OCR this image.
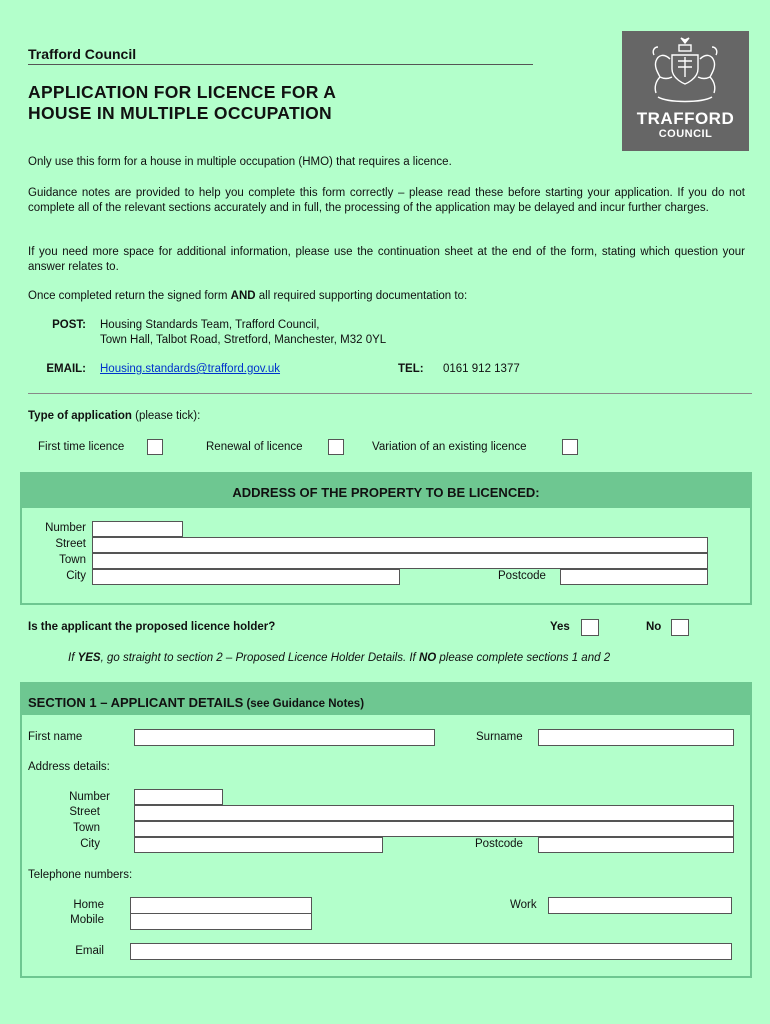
Trafford Council
APPLICATION FOR LICENCE FOR A
HOUSE IN MULTIPLE OCCUPATION	TRAFFORD
COUNCIL
Only use this form for a house in multiple occupation (HMO) that requires a licence.
Guidance notes are provided to help you complete this form correctly – please read these before starting your application. If you do not complete all of the relevant sections accurately and in full, the processing of the application may be delayed and incur further charges.
If you need more space for additional information, please use the continuation sheet at the end of the form, stating which question your answer relates to.
Once completed return the signed form AND all required supporting documentation to:
POST: Housing Standards Team, Trafford Council,
Town Hall, Talbot Road, Stretford, Manchester, M32 0YL
EMAIL: Housing.standards@trafford.gov.uk	TEL: 0161 912 1377
Type of application (please tick):
First time licence	Renewal of licence	Variation of an existing licence
ADDRESS OF THE PROPERTY TO BE LICENCED:
Number
Street
Town
City	Postcode
Is the applicant the proposed licence holder?	Yes	No
If YES, go straight to section 2 – Proposed Licence Holder Details. If NO please complete sections 1 and 2
SECTION 1 – APPLICANT DETAILS (see Guidance Notes)
First name	Surname
Address details:
Number
Street
Town
City	Postcode
Telephone numbers:
Home	Work
Mobile
Email
